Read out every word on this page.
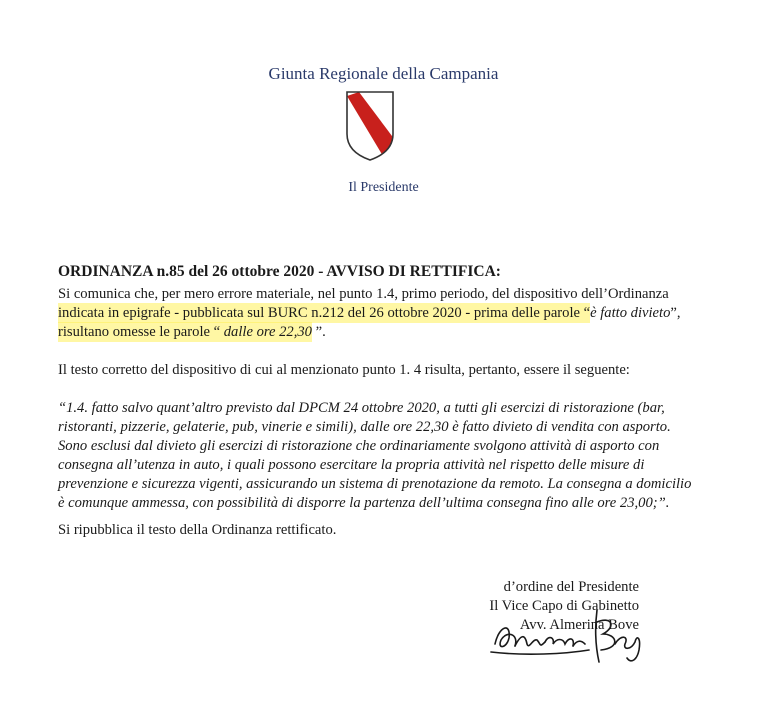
Giunta Regionale della Campania
Il Presidente
ORDINANZA n.85 del 26 ottobre 2020 - AVVISO DI RETTIFICA:
Si comunica che, per mero errore materiale, nel punto 1.4, primo periodo, del dispositivo dell’Ordinanza
indicata in epigrafe - pubblicata sul BURC n.212 del 26 ottobre 2020 - prima delle parole “è fatto divieto”,
risultano omesse le parole “ dalle ore 22,30 ”.
Il testo corretto del dispositivo di cui al menzionato punto 1. 4 risulta, pertanto, essere il seguente:
“1.4. fatto salvo quant’altro previsto dal DPCM 24 ottobre 2020, a tutti gli esercizi di ristorazione (bar,
ristoranti, pizzerie, gelaterie, pub, vinerie e simili), dalle ore 22,30 è fatto divieto di vendita con asporto.
Sono esclusi dal divieto gli esercizi di ristorazione che ordinariamente svolgono attività di asporto con
consegna all’utenza in auto, i quali possono esercitare la propria attività nel rispetto delle misure di
prevenzione e sicurezza vigenti, assicurando un sistema di prenotazione da remoto. La consegna a domicilio
è comunque ammessa, con possibilità di disporre la partenza dell’ultima consegna fino alle ore 23,00;”.
Si ripubblica il testo della Ordinanza rettificato.
d’ordine del Presidente
Il Vice Capo di Gabinetto
Avv. Almerina Bove
